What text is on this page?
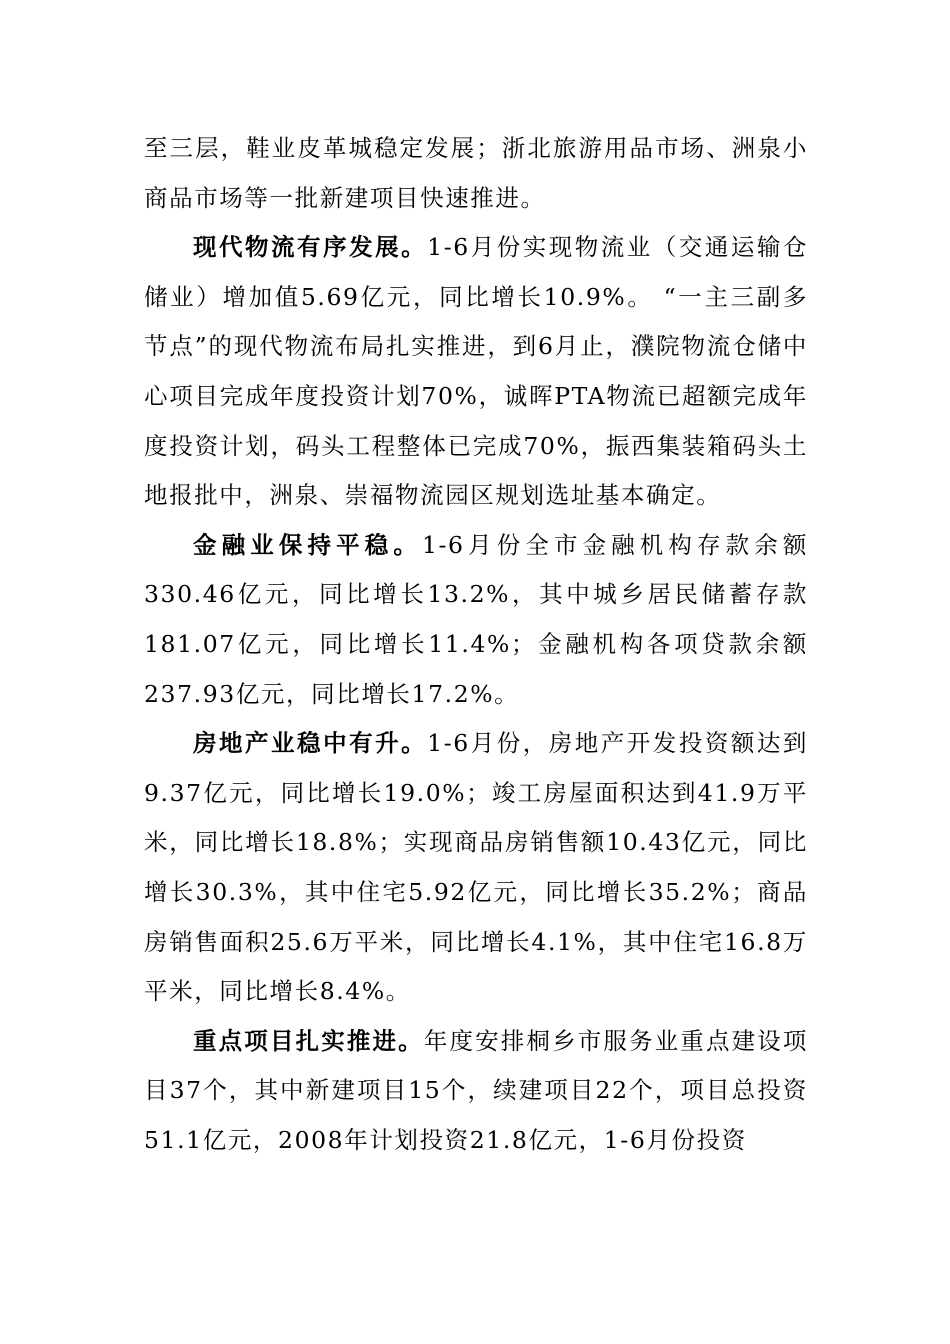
至三层，鞋业皮革城稳定发展；浙北旅游用品市场、洲泉小商品市场等一批新建项目快速推进。

现代物流有序发展。1-6月份实现物流业（交通运输仓储业）增加值5.69亿元，同比增长10.9%。 “一主三副多节点”的现代物流布局扎实推进，到6月止，濮院物流仓储中心项目完成年度投资计划70%，诚晖PTA物流已超额完成年度投资计划，码头工程整体已完成70%，振西集装箱码头土地报批中，洲泉、崇福物流园区规划选址基本确定。

金融业保持平稳。1-6月份全市金融机构存款余额330.46亿元，同比增长13.2%，其中城乡居民储蓄存款181.07亿元，同比增长11.4%；金融机构各项贷款余额237.93亿元，同比增长17.2%。

房地产业稳中有升。1-6月份，房地产开发投资额达到9.37亿元，同比增长19.0%；竣工房屋面积达到41.9万平米，同比增长18.8%；实现商品房销售额10.43亿元，同比增长30.3%，其中住宅5.92亿元，同比增长35.2%；商品房销售面积25.6万平米，同比增长4.1%，其中住宅16.8万平米，同比增长8.4%。

重点项目扎实推进。年度安排桐乡市服务业重点建设项目37个，其中新建项目15个，续建项目22个，项目总投资51.1亿元，2008年计划投资21.8亿元，1-6月份投资
